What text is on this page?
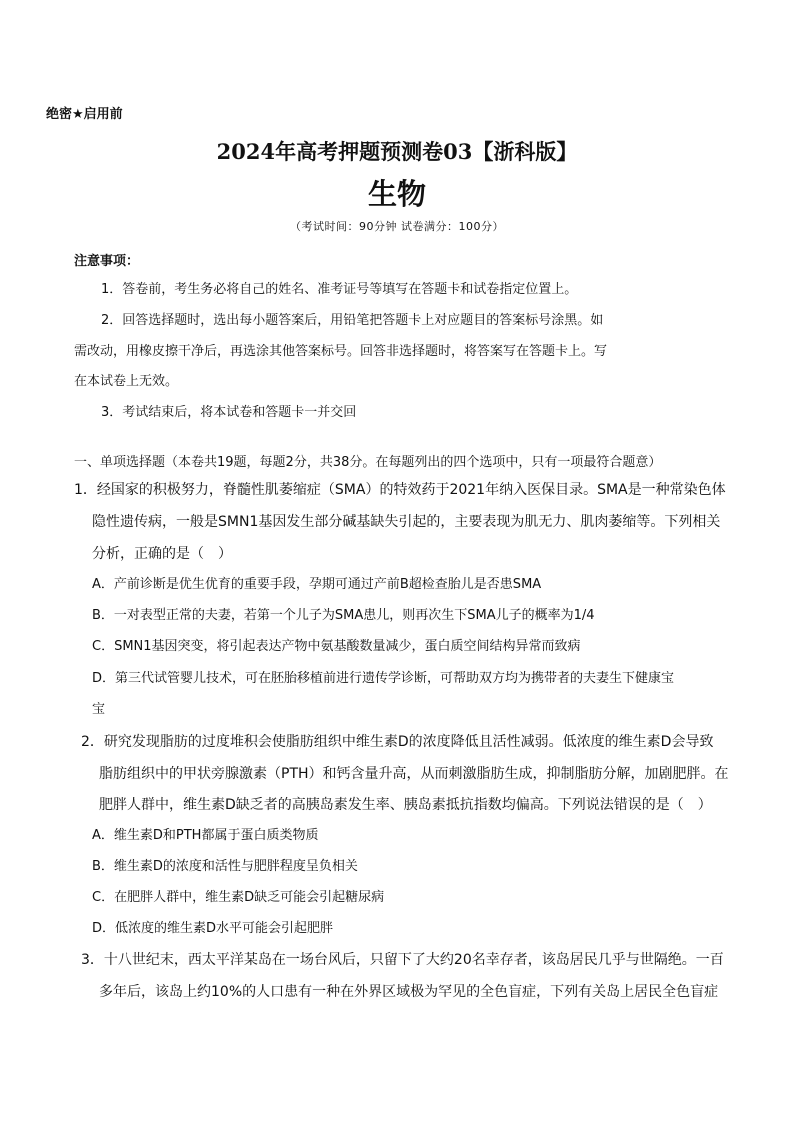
绝密★启用前
2024年高考押题预测卷03【浙科版】
生物
（考试时间：90分钟 试卷满分：100分）
注意事项：
1．答卷前，考生务必将自己的姓名、准考证号等填写在答题卡和试卷指定位置上。
2．回答选择题时，选出每小题答案后，用铅笔把答题卡上对应题目的答案标号涂黑。如
需改动，用橡皮擦干净后，再选涂其他答案标号。回答非选择题时，将答案写在答题卡上。写
在本试卷上无效。
3．考试结束后，将本试卷和答题卡一并交回
一、单项选择题（本卷共19题，每题2分，共38分。在每题列出的四个选项中，只有一项最符合题意）
1．经国家的积极努力，脊髓性肌萎缩症（SMA）的特效药于2021年纳入医保目录。SMA是一种常染色体
隐性遗传病，一般是SMN1基因发生部分碱基缺失引起的，主要表现为肌无力、肌肉萎缩等。下列相关
分析，正确的是（　）
A．产前诊断是优生优育的重要手段，孕期可通过产前B超检查胎儿是否患SMA
B．一对表型正常的夫妻，若第一个儿子为SMA患儿，则再次生下SMA儿子的概率为1/4
C．SMN1基因突变，将引起表达产物中氨基酸数量减少，蛋白质空间结构异常而致病
D．第三代试管婴儿技术，可在胚胎移植前进行遗传学诊断，可帮助双方均为携带者的夫妻生下健康宝
宝
2．研究发现脂肪的过度堆积会使脂肪组织中维生素D的浓度降低且活性减弱。低浓度的维生素D会导致
脂肪组织中的甲状旁腺激素（PTH）和钙含量升高，从而刺激脂肪生成，抑制脂肪分解，加剧肥胖。在
肥胖人群中，维生素D缺乏者的高胰岛素发生率、胰岛素抵抗指数均偏高。下列说法错误的是（　）
A．维生素D和PTH都属于蛋白质类物质
B．维生素D的浓度和活性与肥胖程度呈负相关
C．在肥胖人群中，维生素D缺乏可能会引起糖尿病
D．低浓度的维生素D水平可能会引起肥胖
3．十八世纪末，西太平洋某岛在一场台风后，只留下了大约20名幸存者，该岛居民几乎与世隔绝。一百
多年后，该岛上约10%的人口患有一种在外界区域极为罕见的全色盲症，下列有关岛上居民全色盲症
